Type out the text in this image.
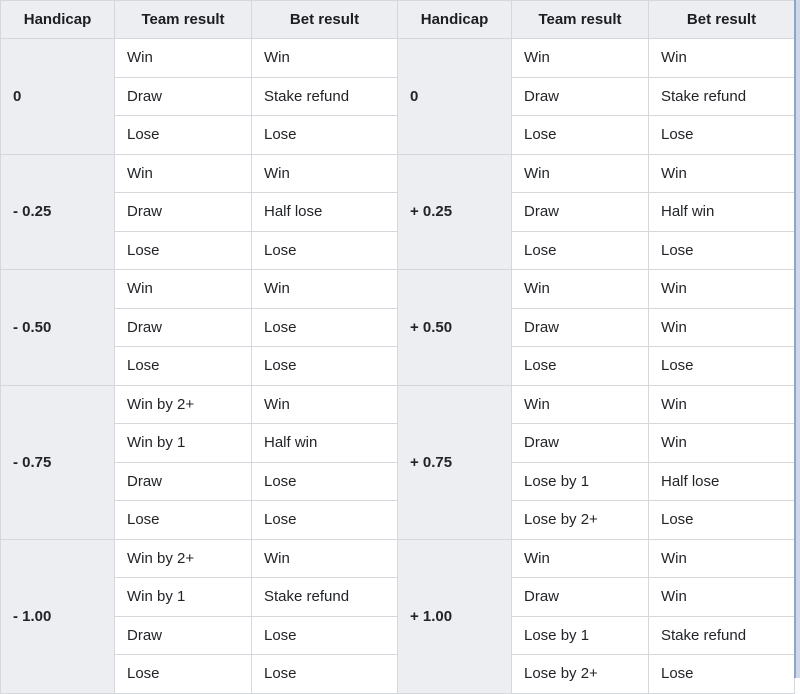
Handicap	Team result	Bet result	Handicap	Team result	Bet result
0	Win	Win	0	Win	Win
	Draw	Stake refund		Draw	Stake refund
	Lose	Lose		Lose	Lose
- 0.25	Win	Win	+ 0.25	Win	Win
	Draw	Half lose		Draw	Half win
	Lose	Lose		Lose	Lose
- 0.50	Win	Win	+ 0.50	Win	Win
	Draw	Lose		Draw	Win
	Lose	Lose		Lose	Lose
- 0.75	Win by 2+	Win	+ 0.75	Win	Win
	Win by 1	Half win		Draw	Win
	Draw	Lose		Lose by 1	Half lose
	Lose	Lose		Lose by 2+	Lose
- 1.00	Win by 2+	Win	+ 1.00	Win	Win
	Win by 1	Stake refund		Draw	Win
	Draw	Lose		Lose by 1	Stake refund
	Lose	Lose		Lose by 2+	Lose
